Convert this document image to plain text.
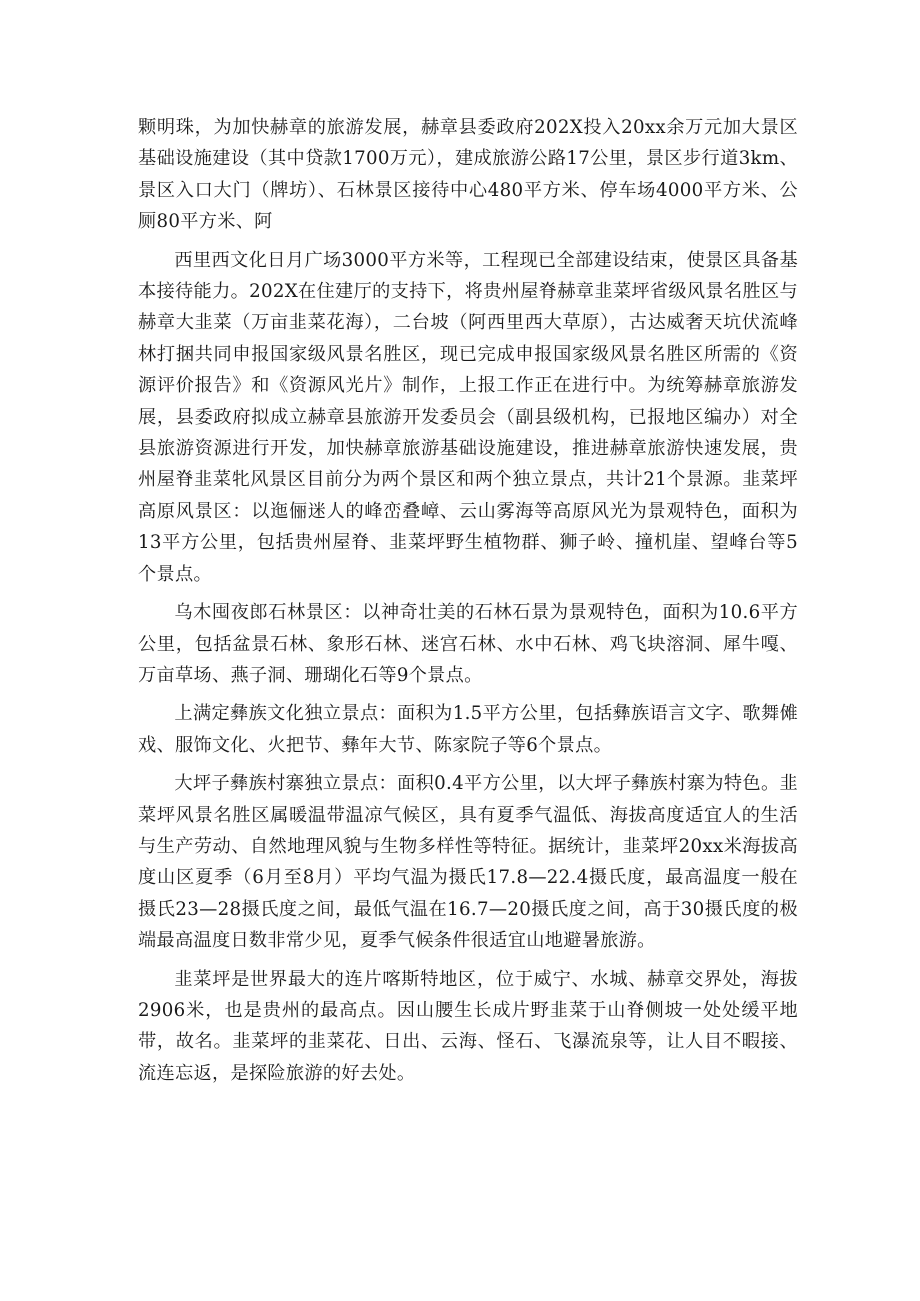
颗明珠，为加快赫章的旅游发展，赫章县委政府202X投入20xx余万元加大景区基础设施建设（其中贷款1700万元），建成旅游公路17公里，景区步行道3km、景区入口大门（牌坊）、石林景区接待中心480平方米、停车场4000平方米、公厕80平方米、阿

西里西文化日月广场3000平方米等，工程现已全部建设结束，使景区具备基本接待能力。202X在住建厅的支持下，将贵州屋脊赫章韭菜坪省级风景名胜区与赫章大韭菜（万亩韭菜花海），二台坡（阿西里西大草原），古达威奢天坑伏流峰林打捆共同申报国家级风景名胜区，现已完成申报国家级风景名胜区所需的《资源评价报告》和《资源风光片》制作，上报工作正在进行中。为统筹赫章旅游发展，县委政府拟成立赫章县旅游开发委员会（副县级机构，已报地区编办）对全县旅游资源进行开发，加快赫章旅游基础设施建设，推进赫章旅游快速发展，贵州屋脊韭菜牝风景区目前分为两个景区和两个独立景点，共计21个景源。韭菜坪高原风景区：以迤俪迷人的峰峦叠嶂、云山雾海等高原风光为景观特色，面积为13平方公里，包括贵州屋脊、韭菜坪野生植物群、狮子岭、撞机崖、望峰台等5个景点。

乌木囤夜郎石林景区：以神奇壮美的石林石景为景观特色，面积为10.6平方公里，包括盆景石林、象形石林、迷宫石林、水中石林、鸡飞块溶洞、犀牛嘎、万亩草场、燕子洞、珊瑚化石等9个景点。

上满定彝族文化独立景点：面积为1.5平方公里，包括彝族语言文字、歌舞傩戏、服饰文化、火把节、彝年大节、陈家院子等6个景点。

大坪子彝族村寨独立景点：面积0.4平方公里，以大坪子彝族村寨为特色。韭菜坪风景名胜区属暖温带温凉气候区，具有夏季气温低、海拔高度适宜人的生活与生产劳动、自然地理风貌与生物多样性等特征。据统计，韭菜坪20xx米海拔高度山区夏季（6月至8月）平均气温为摄氏17.8—22.4摄氏度，最高温度一般在摄氏23—28摄氏度之间，最低气温在16.7—20摄氏度之间，高于30摄氏度的极端最高温度日数非常少见，夏季气候条件很适宜山地避暑旅游。

韭菜坪是世界最大的连片喀斯特地区，位于威宁、水城、赫章交界处，海拔2906米，也是贵州的最高点。因山腰生长成片野韭菜于山脊侧坡一处处缓平地带，故名。韭菜坪的韭菜花、日出、云海、怪石、飞瀑流泉等，让人目不暇接、流连忘返，是探险旅游的好去处。
